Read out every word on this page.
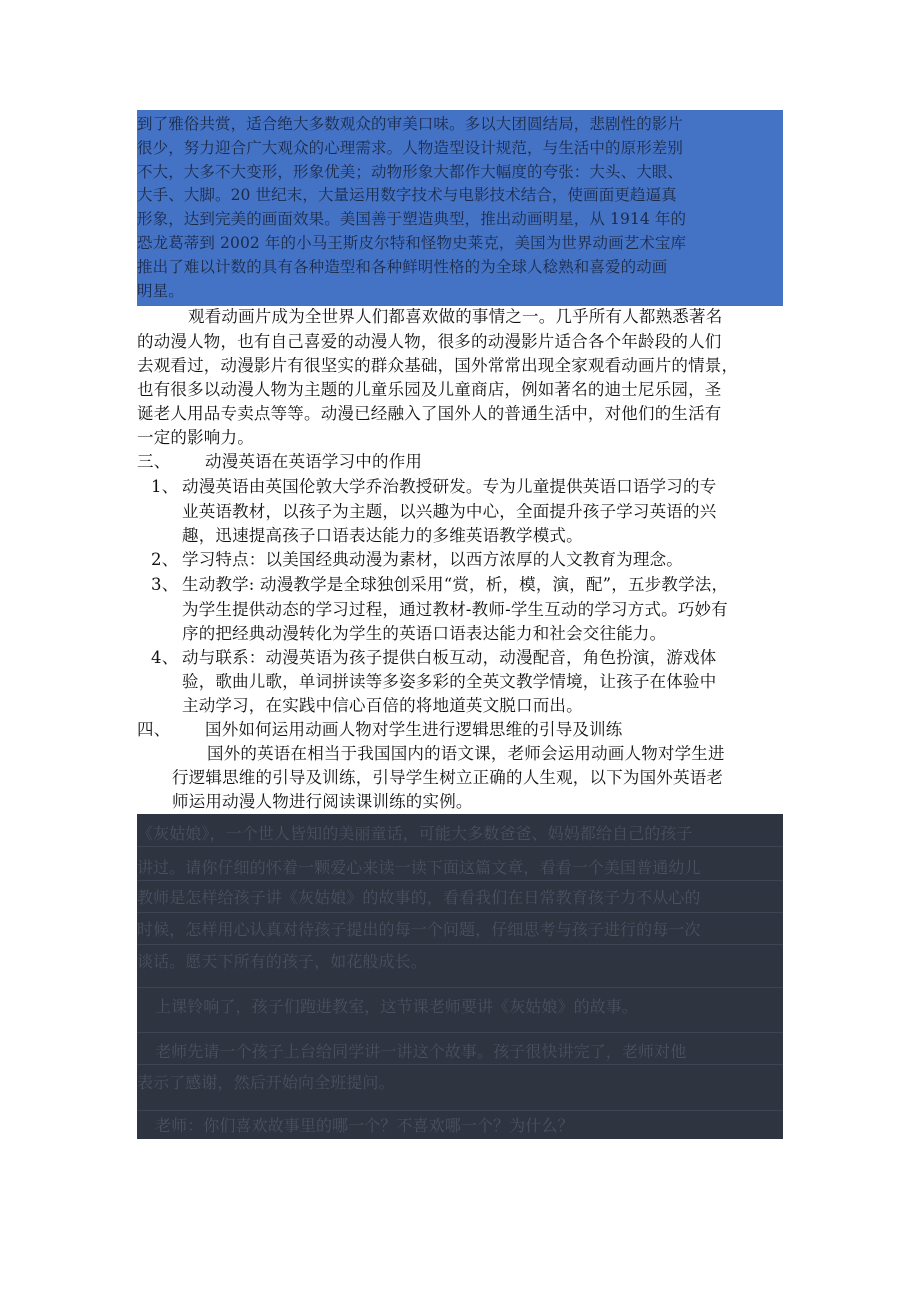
到了雅俗共赏，适合绝大多数观众的审美口味。多以大团圆结局，悲剧性的影片
很少，努力迎合广大观众的心理需求。人物造型设计规范，与生活中的原形差别
不大，大多不大变形，形象优美；动物形象大都作大幅度的夸张：大头、大眼、
大手、大脚。20 世纪末，大量运用数字技术与电影技术结合，使画面更趋逼真
形象，达到完美的画面效果。美国善于塑造典型，推出动画明星，从 1914 年的
恐龙葛蒂到 2002 年的小马王斯皮尔特和怪物史莱克，美国为世界动画艺术宝库
推出了难以计数的具有各种造型和各种鲜明性格的为全球人稔熟和喜爱的动画
明星。
观看动画片成为全世界人们都喜欢做的事情之一。几乎所有人都熟悉著名
的动漫人物，也有自己喜爱的动漫人物，很多的动漫影片适合各个年龄段的人们
去观看过，动漫影片有很坚实的群众基础，国外常常出现全家观看动画片的情景，
也有很多以动漫人物为主题的儿童乐园及儿童商店，例如著名的迪士尼乐园，圣
诞老人用品专卖点等等。动漫已经融入了国外人的普通生活中，对他们的生活有
一定的影响力。
三、 动漫英语在英语学习中的作用
1、 动漫英语由英国伦敦大学乔治教授研发。专为儿童提供英语口语学习的专
业英语教材，以孩子为主题，以兴趣为中心，全面提升孩子学习英语的兴
趣，迅速提高孩子口语表达能力的多维英语教学模式。
2、 学习特点：以美国经典动漫为素材，以西方浓厚的人文教育为理念。
3、 生动教学: 动漫教学是全球独创采用“赏，析，模，演，配”，五步教学法，
为学生提供动态的学习过程，通过教材-教师-学生互动的学习方式。巧妙有
序的把经典动漫转化为学生的英语口语表达能力和社会交往能力。
4、 动与联系：动漫英语为孩子提供白板互动，动漫配音，角色扮演，游戏体
验，歌曲儿歌，单词拼读等多姿多彩的全英文教学情境，让孩子在体验中
主动学习，在实践中信心百倍的将地道英文脱口而出。
四、 国外如何运用动画人物对学生进行逻辑思维的引导及训练
国外的英语在相当于我国国内的语文课，老师会运用动画人物对学生进
行逻辑思维的引导及训练，引导学生树立正确的人生观，以下为国外英语老
师运用动漫人物进行阅读课训练的实例。
《灰姑娘》，一个世人皆知的美丽童话，可能大多数爸爸、妈妈都给自己的孩子
讲过。请你仔细的怀着一颗爱心来读一读下面这篇文章，看看一个美国普通幼儿
教师是怎样给孩子讲《灰姑娘》的故事的，看看我们在日常教育孩子力不从心的
时候，怎样用心认真对待孩子提出的每一个问题，仔细思考与孩子进行的每一次
谈话。愿天下所有的孩子，如花般成长。
上课铃响了，孩子们跑进教室，这节课老师要讲《灰姑娘》的故事。
老师先请一个孩子上台给同学讲一讲这个故事。孩子很快讲完了，老师对他
表示了感谢，然后开始向全班提问。
老师：你们喜欢故事里的哪一个？不喜欢哪一个？为什么？
